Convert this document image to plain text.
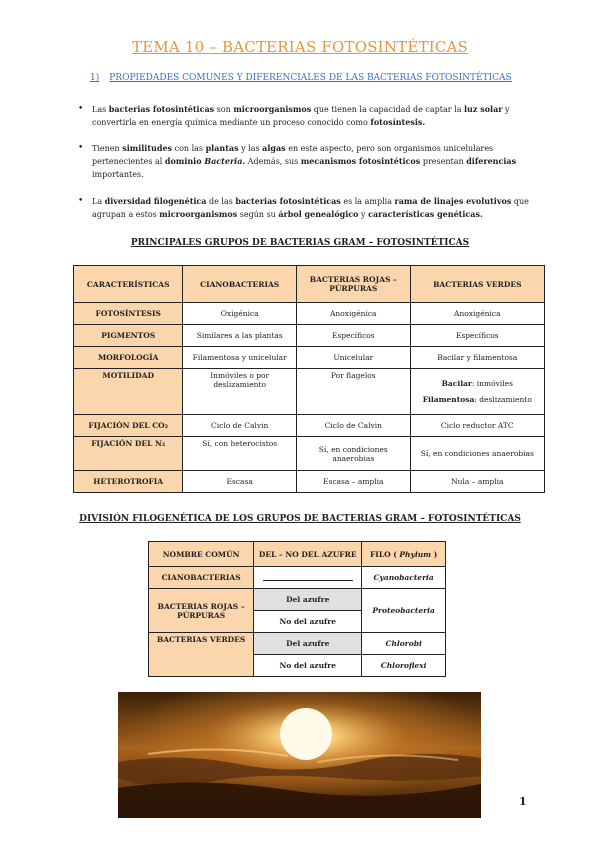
TEMA 10 – BACTERIAS FOTOSINTÉTICAS
1) PROPIEDADES COMUNES Y DIFERENCIALES DE LAS BACTERIAS FOTOSINTÉTICAS
• Las bacterias fotosintéticas son microorganismos que tienen la capacidad de captar la luz solar y convertirla en energía química mediante un proceso conocido como fotosíntesis.
• Tienen similitudes con las plantas y las algas en este aspecto, pero son organismos unicelulares pertenecientes al dominio Bacteria. Además, sus mecanismos fotosintéticos presentan diferencias importantes.
• La diversidad filogenética de las bacterias fotosintéticas es la amplia rama de linajes evolutivos que agrupan a estos microorganismos según su árbol genealógico y características genéticas.
PRINCIPALES GRUPOS DE BACTERIAS GRAM – FOTOSINTÉTICAS
CARACTERÍSTICAS	CIANOBACTERIAS	BACTERIAS ROJAS – PÚRPURAS	BACTERIAS VERDES
FOTOSÍNTESIS	Oxigénica	Anoxigénica	Anoxigénica
PIGMENTOS	Similares a las plantas	Específicos	Específicos
MORFOLOGÍA	Filamentosa y unicelular	Unicelular	Bacilar y filamentosa
MOTILIDAD	Inmóviles o por deslizamiento	Por flagelos	Bacilar: inmóviles
Filamentosa: deslizamiento

FIJACIÓN DEL CO₂	Ciclo de Calvin	Ciclo de Calvin	Ciclo reductor ATC
FIJACIÓN DEL N₂	Sí, con heterocistos	Sí, en condiciones anaerobias	Sí, en condiciones anaerobias
HETEROTROFIA	Escasa	Escasa – amplia	Nula – amplia
DIVISIÓN FILOGENÉTICA DE LOS GRUPOS DE BACTERIAS GRAM – FOTOSINTÉTICAS
NOMBRE COMÚN	DEL – NO DEL AZUFRE	FILO ( Phylum )
CIANOBACTERIAS		Cyanobacteria
BACTERIAS ROJAS – PÚRPURAS	Del azufre	Proteobacteria
	No del azufre	
BACTERIAS VERDES	Del azufre	Chlorobi
	No del azufre	Chloroflexi
1
